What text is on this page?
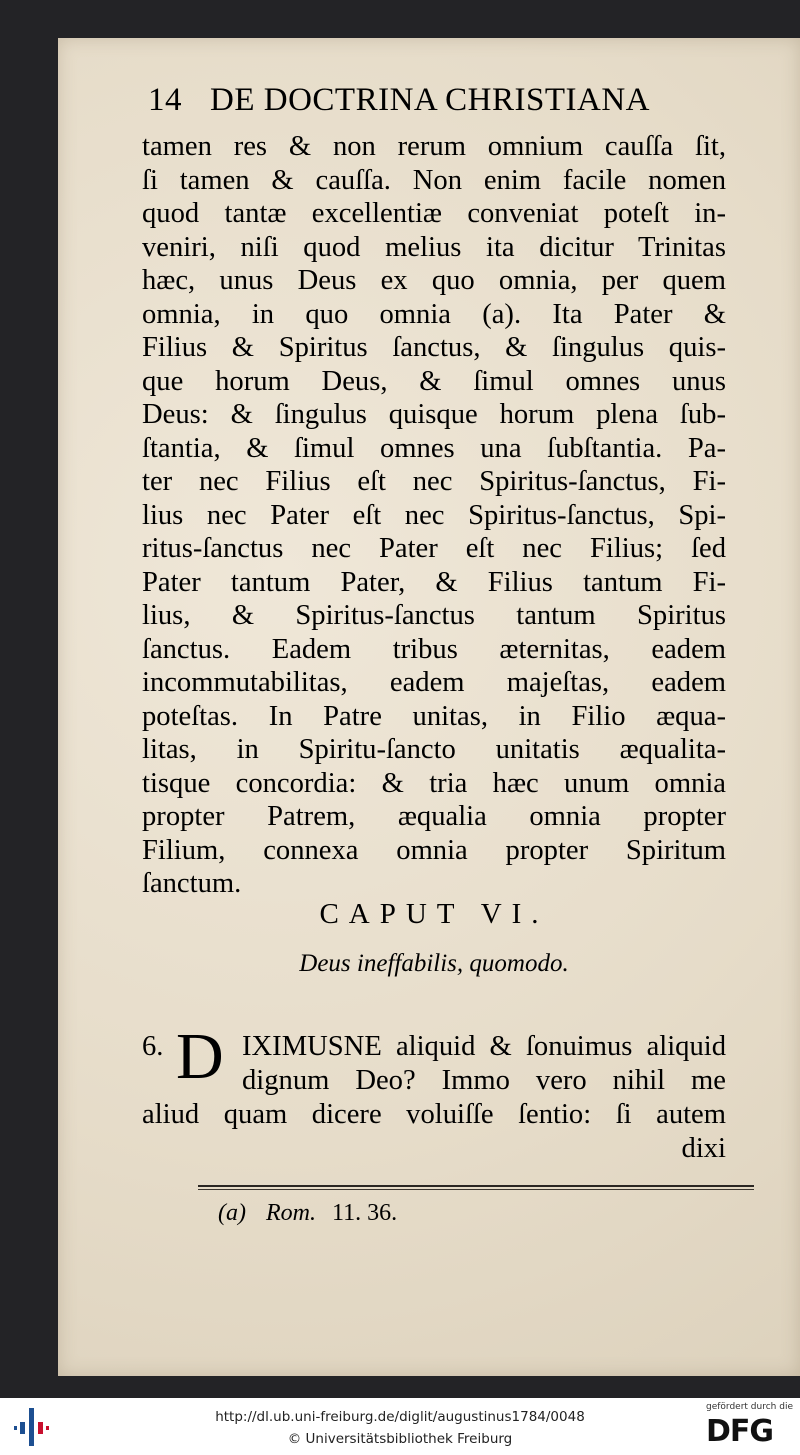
14 DE DOCTRINA CHRISTIANA
tamen res & non rerum omnium cauſſa ſit,
ſi tamen & cauſſa. Non enim facile nomen
quod tantæ excellentiæ conveniat poteſt in-
veniri, niſi quod melius ita dicitur Trinitas
hæc, unus Deus ex quo omnia, per quem
omnia, in quo omnia (a). Ita Pater &
Filius & Spiritus ſanctus, & ſingulus quis-
que horum Deus, & ſimul omnes unus
Deus: & ſingulus quisque horum plena ſub-
ſtantia, & ſimul omnes una ſubſtantia. Pa-
ter nec Filius eſt nec Spiritus-ſanctus, Fi-
lius nec Pater eſt nec Spiritus-ſanctus, Spi-
ritus-ſanctus nec Pater eſt nec Filius; ſed
Pater tantum Pater, & Filius tantum Fi-
lius, & Spiritus-ſanctus tantum Spiritus
ſanctus. Eadem tribus æternitas, eadem
incommutabilitas, eadem majeſtas, eadem
poteſtas. In Patre unitas, in Filio æqua-
litas, in Spiritu-ſancto unitatis æqualita-
tisque concordia: & tria hæc unum omnia
propter Patrem, æqualia omnia propter
Filium, connexa omnia propter Spiritum
ſanctum.
CAPUT VI.
Deus ineffabilis, quomodo.
6. D IXIMUSNE aliquid & ſonuimus aliquid
dignum Deo? Immo vero nihil me
aliud quam dicere voluiſſe ſentio: ſi autem
dixi
(a) Rom. 11. 36.
http://dl.ub.uni-freiburg.de/diglit/augustinus1784/0048
© Universitätsbibliothek Freiburg
gefördert durch die
DFG
